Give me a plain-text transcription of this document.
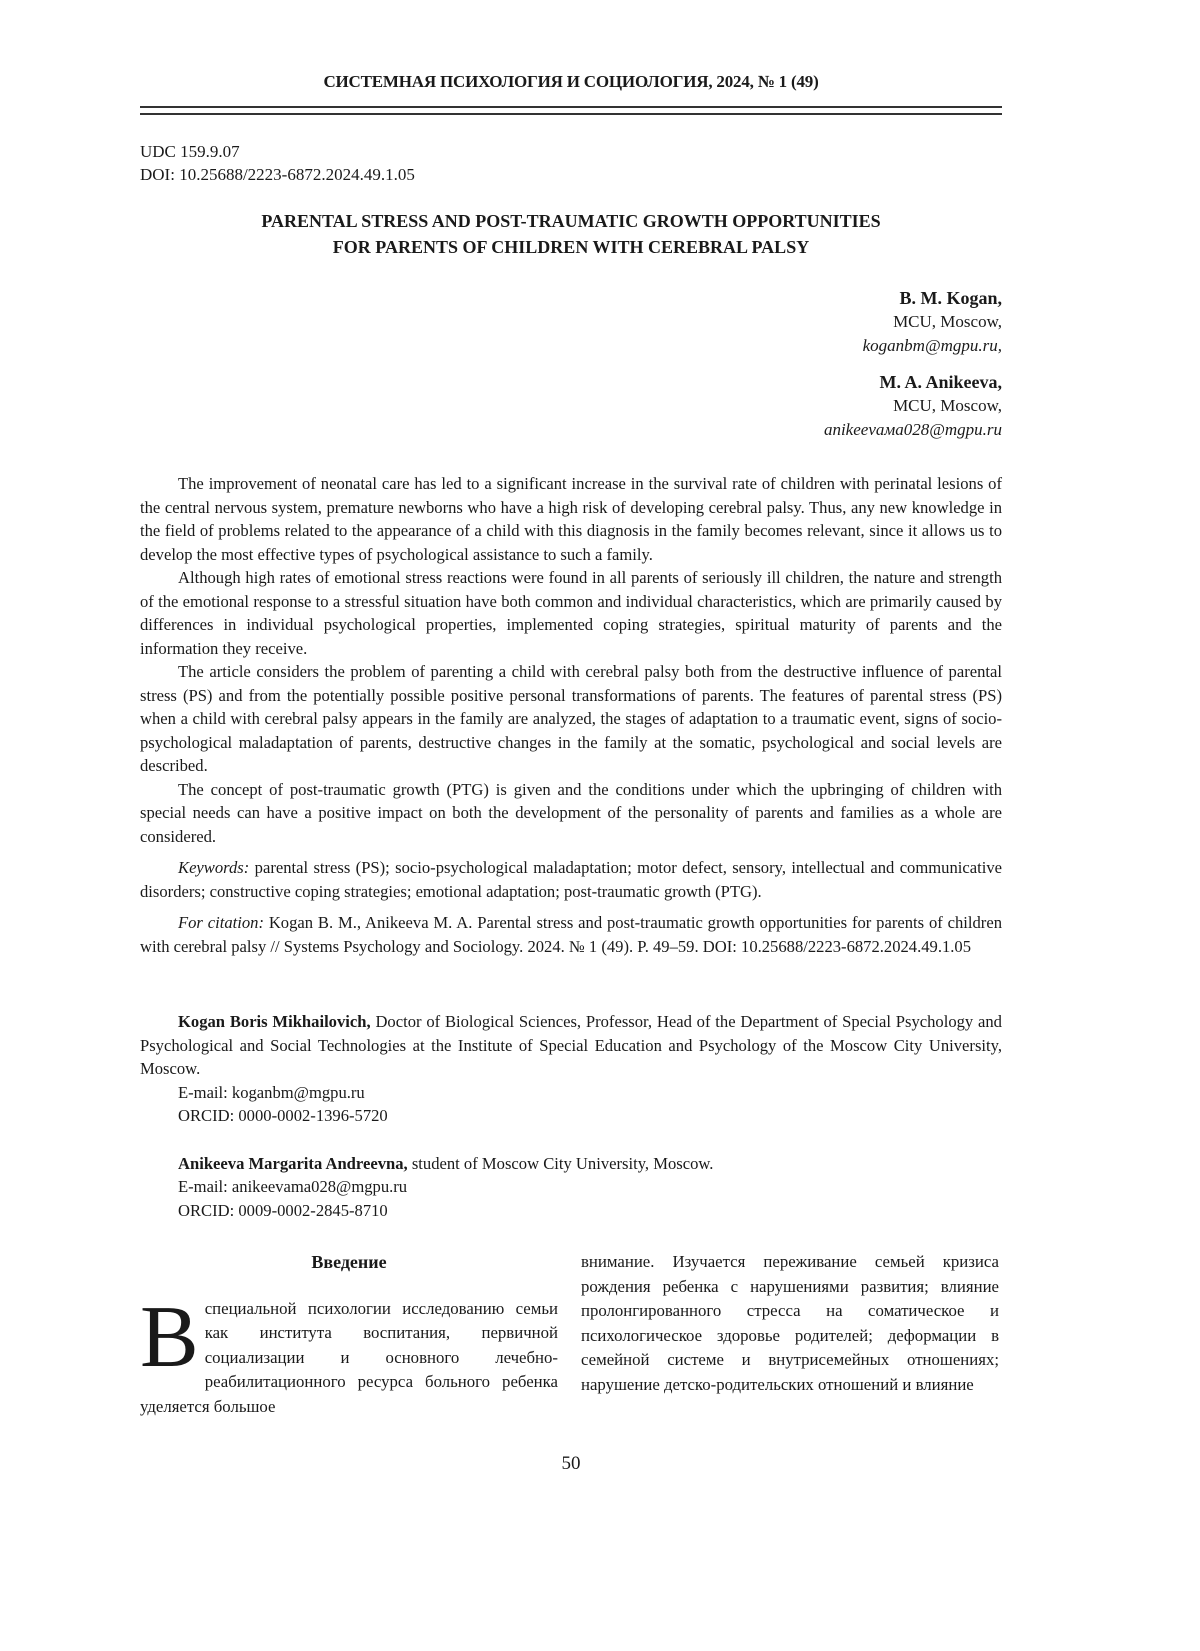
СИСТЕМНАЯ ПСИХОЛОГИЯ И СОЦИОЛОГИЯ, 2024, № 1 (49)
UDC 159.9.07
DOI: 10.25688/2223-6872.2024.49.1.05
PARENTAL STRESS AND POST-TRAUMATIC GROWTH OPPORTUNITIES
FOR PARENTS OF CHILDREN WITH CEREBRAL PALSY
B. M. Kogan,
MCU, Moscow,
koganbm@mgpu.ru,
M. A. Anikeeva,
MCU, Moscow,
anikeevaма028@mgpu.ru

The improvement of neonatal care has led to a significant increase in the survival rate of children with perinatal lesions of the central nervous system, premature newborns who have a high risk of developing cerebral palsy. Thus, any new knowledge in the field of problems related to the appearance of a child with this diagnosis in the family becomes relevant, since it allows us to develop the most effective types of psychological assistance to such a family.

Although high rates of emotional stress reactions were found in all parents of seriously ill children, the nature and strength of the emotional response to a stressful situation have both common and individual characteristics, which are primarily caused by differences in individual psychological properties, implemented coping strategies, spiritual maturity of parents and the information they receive.

The article considers the problem of parenting a child with cerebral palsy both from the destructive influen­ce of parental stress (PS) and from the potentially possible positive personal transformations of parents. The fea­tures of parental stress (PS) when a child with cerebral palsy appears in the family are analyzed, the stages of adaptation to a traumatic event, signs of socio-psychological maladaptation of parents, destructive changes in the family at the somatic, psychological and social levels are described.

The concept of post-traumatic growth (PTG) is given and the conditions under which the upbringing of children with special needs can have a positive impact on both the development of the personality of parents and families as a whole are considered.

Keywords: parental stress (PS); socio-psychological maladaptation; motor defect, sensory, intellectual and communicative disorders; constructive coping strategies; emotional adaptation; post-traumatic growth (PTG).

For citation: Kogan B. M., Anikeeva M. A. Parental stress and post-traumatic growth opportunities for parents of children with cerebral palsy // Systems Psychology and Sociology. 2024. № 1 (49). P. 49–59. DOI: 10.25688/2223-6872.2024.49.1.05

Kogan Boris Mikhailovich, Doctor of Biological Sciences, Professor, Head of the Department of Special Psychology and Psychological and Social Technologies at the Institute of Special Education and Psychology of the Moscow City University, Moscow.

E-mail: koganbm@mgpu.ru

ORCID: 0000-0002-1396-5720

Anikeeva Margarita Andreevna, student of Moscow City University, Moscow.

E-mail: anikeevama028@mgpu.ru

ORCID: 0009-0002-2845-8710

Введение

В специальной психологии исследо­ванию семьи как института воспи­тания, первичной социализации и основного лечебно-реабилитационного ре­сурса больного ребенка уделяется большое

внимание. Изучается переживание семьей кризиса рождения ребенка с нарушениями развития; влияние пролонгированного стресса на соматическое и психологическое здоровье родителей; деформации в семейной системе и внутрисемейных отношениях; нарушение детско-родительских отношений и влияние

50
